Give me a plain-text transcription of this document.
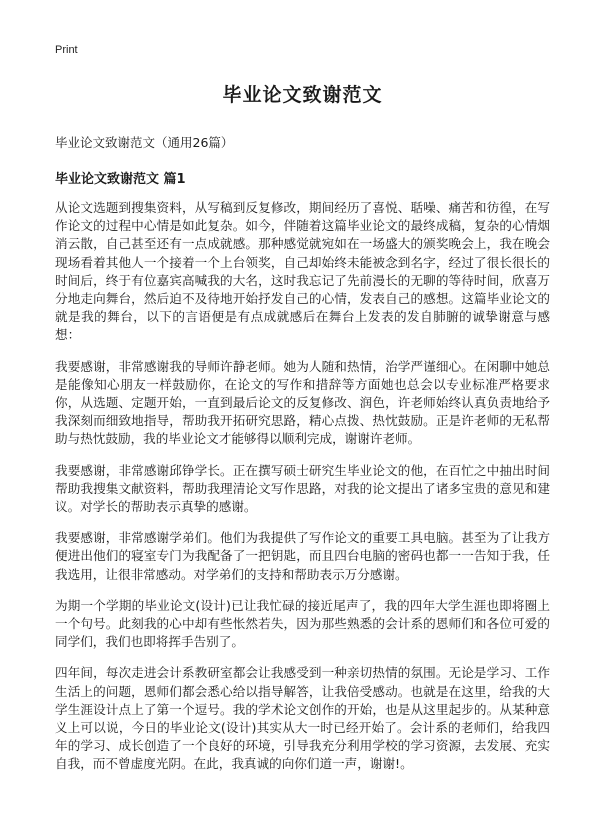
Print
毕业论文致谢范文
毕业论文致谢范文（通用26篇）
毕业论文致谢范文 篇1

从论文选题到搜集资料，从写稿到反复修改，期间经历了喜悦、聒噪、痛苦和彷徨，在写作论文的过程中心情是如此复杂。如今，伴随着这篇毕业论文的最终成稿，复杂的心情烟消云散，自己甚至还有一点成就感。那种感觉就宛如在一场盛大的颁奖晚会上，我在晚会现场看着其他人一个接着一个上台领奖，自己却始终未能被念到名字，经过了很长很长的时间后，终于有位嘉宾高喊我的大名，这时我忘记了先前漫长的无聊的等待时间，欣喜万分地走向舞台，然后迫不及待地开始抒发自己的心情，发表自己的感想。这篇毕业论文的就是我的舞台，以下的言语便是有点成就感后在舞台上发表的发自肺腑的诚挚谢意与感想：

我要感谢，非常感谢我的导师许静老师。她为人随和热情，治学严谨细心。在闲聊中她总是能像知心朋友一样鼓励你，在论文的写作和措辞等方面她也总会以专业标准严格要求你，从选题、定题开始，一直到最后论文的反复修改、润色，许老师始终认真负责地给予我深刻而细致地指导，帮助我开拓研究思路，精心点拨、热忱鼓励。正是许老师的无私帮助与热忱鼓励，我的毕业论文才能够得以顺利完成，谢谢许老师。

我要感谢，非常感谢邱铮学长。正在撰写硕士研究生毕业论文的他，在百忙之中抽出时间帮助我搜集文献资料，帮助我理清论文写作思路，对我的论文提出了诸多宝贵的意见和建议。对学长的帮助表示真挚的感谢。

我要感谢，非常感谢学弟们。他们为我提供了写作论文的重要工具电脑。甚至为了让我方便进出他们的寝室专门为我配备了一把钥匙，而且四台电脑的密码也都一一告知于我，任我选用，让很非常感动。对学弟们的支持和帮助表示万分感谢。

为期一个学期的毕业论文(设计)已让我忙碌的接近尾声了，我的四年大学生涯也即将圈上一个句号。此刻我的心中却有些怅然若失，因为那些熟悉的会计系的恩师们和各位可爱的同学们，我们也即将挥手告别了。

四年间，每次走进会计系教研室都会让我感受到一种亲切热情的氛围。无论是学习、工作生活上的问题，恩师们都会悉心给以指导解答，让我倍受感动。也就是在这里，给我的大学生涯设计点上了第一个逗号。我的学术论文创作的开始，也是从这里起步的。从某种意义上可以说，今日的毕业论文(设计)其实从大一时已经开始了。会计系的老师们，给我四年的学习、成长创造了一个良好的环境，引导我充分利用学校的学习资源，去发展、充实自我，而不曾虚度光阴。在此，我真诚的向你们道一声，谢谢!。
